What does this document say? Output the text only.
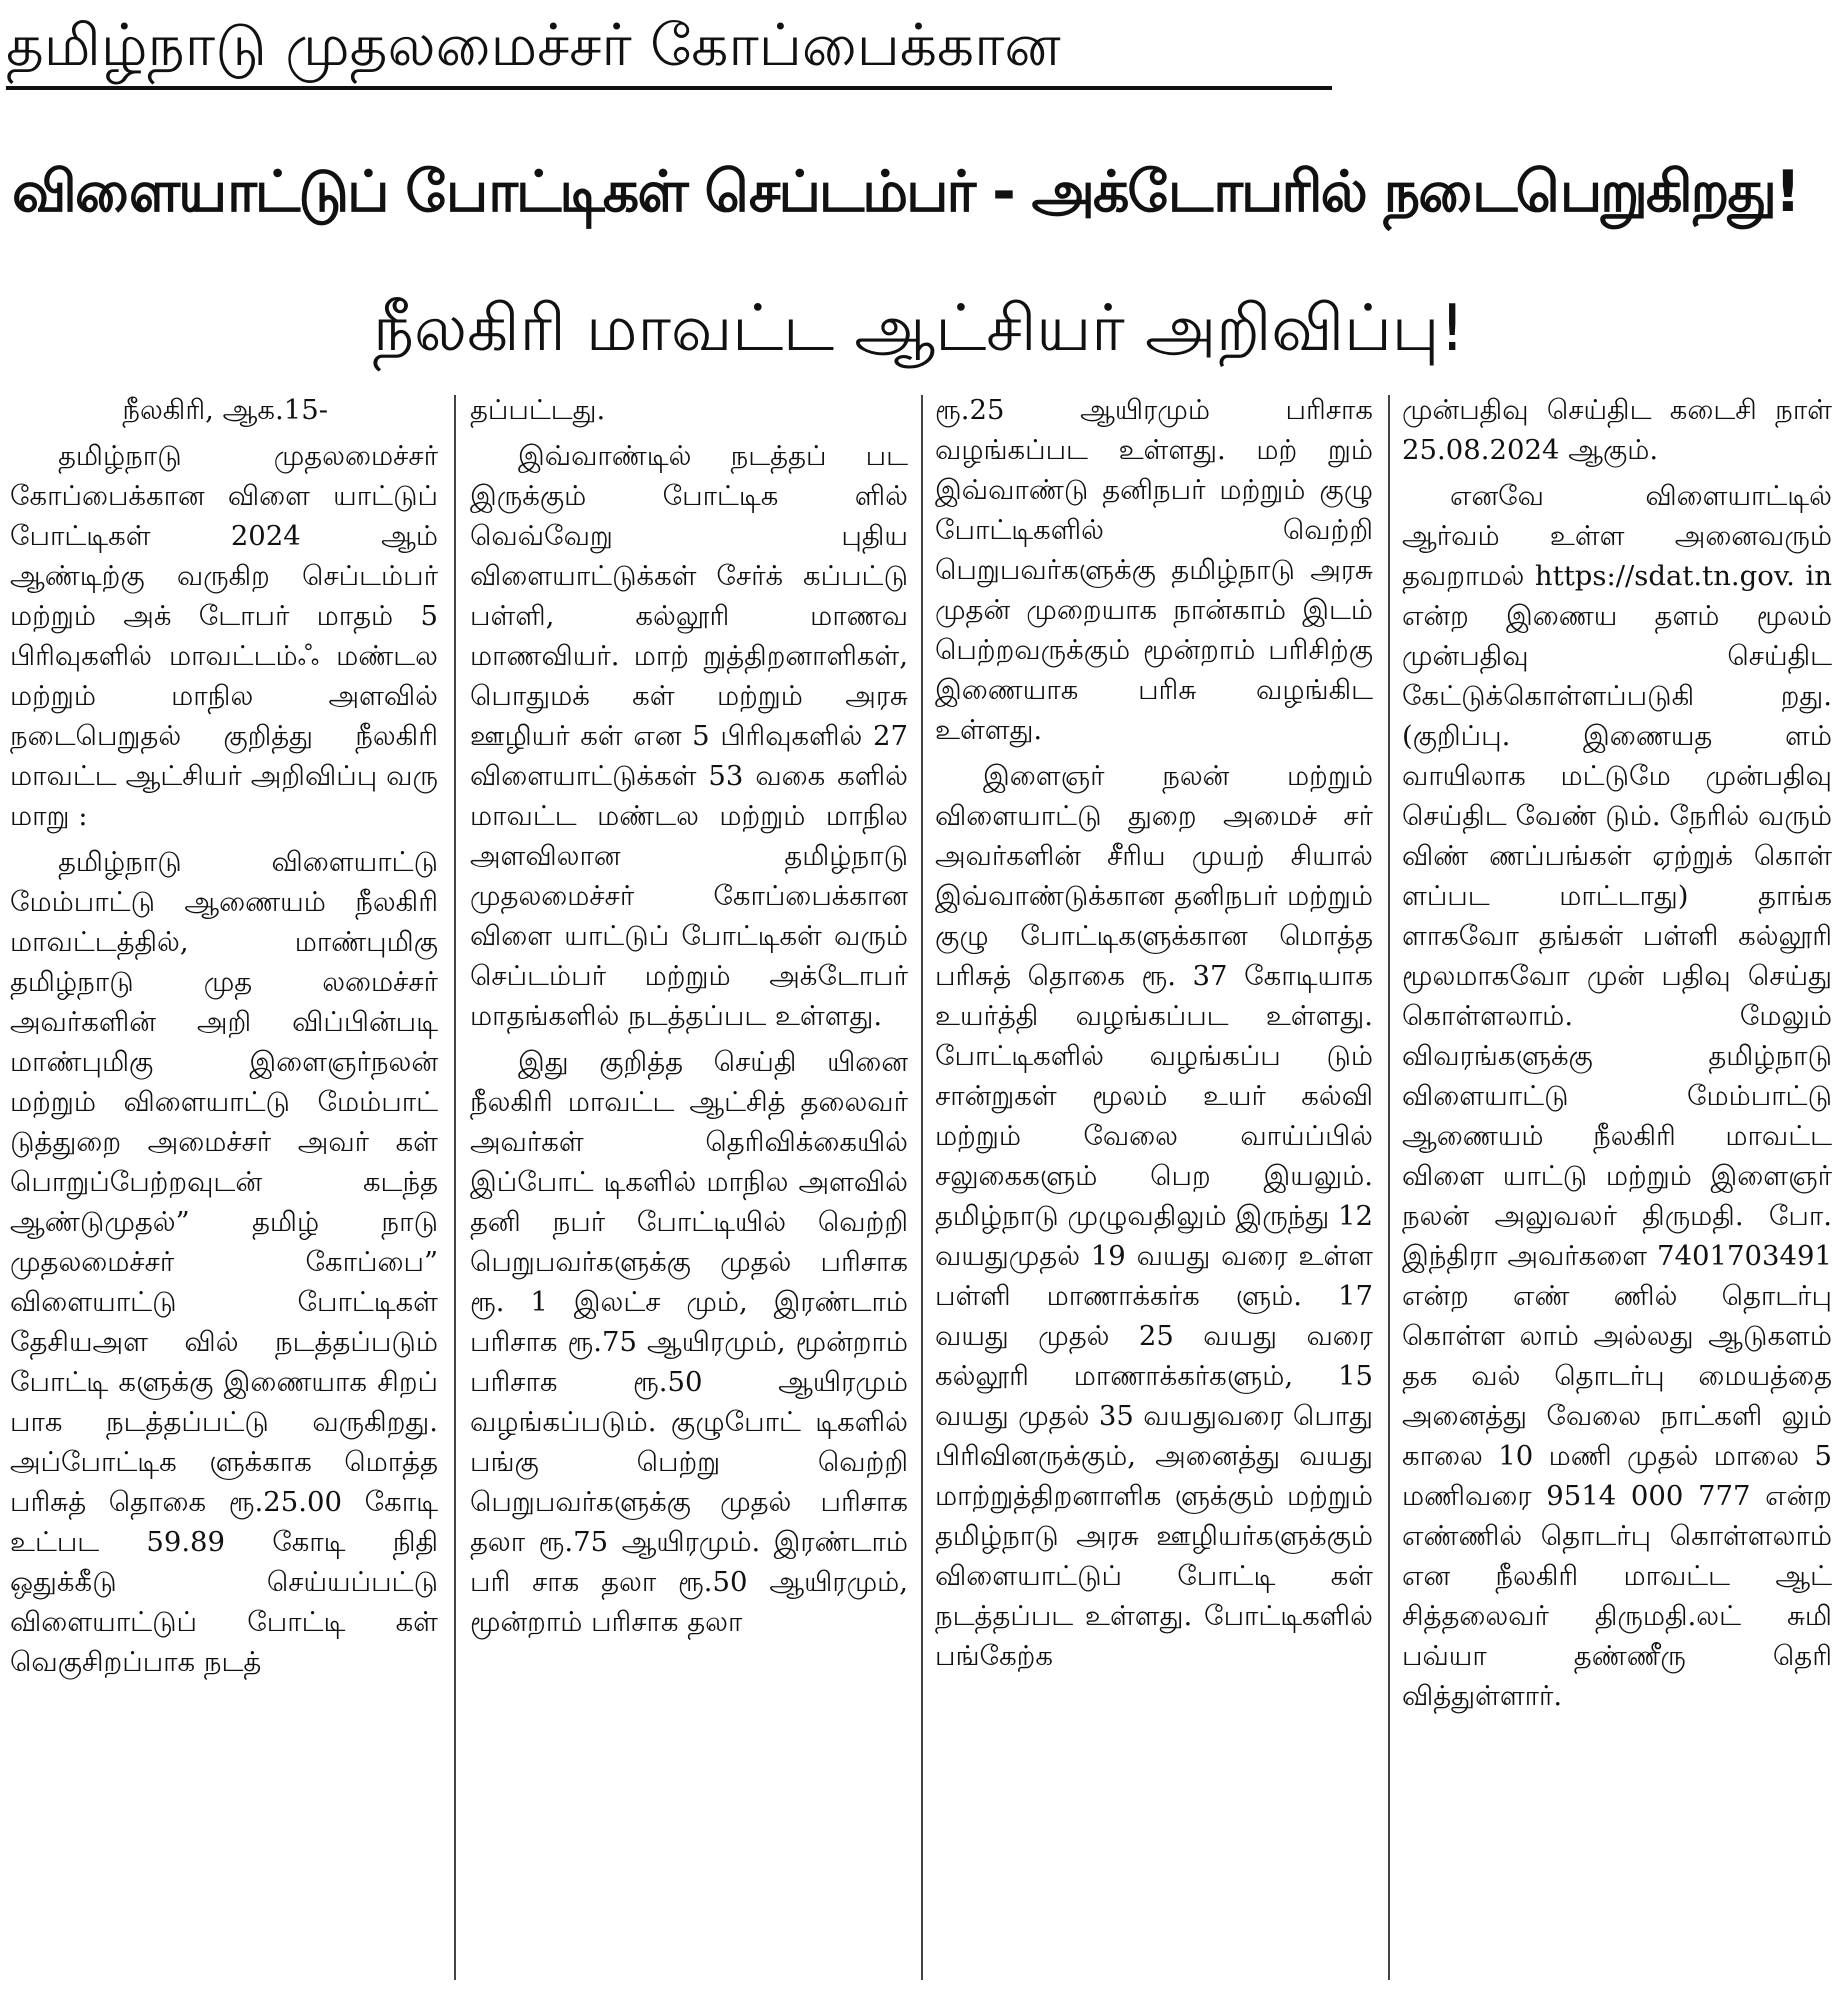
தமிழ்நாடு முதலமைச்சர் கோப்பைக்கான
விளையாட்டுப் போட்டிகள் செப்டம்பர் - அக்டோபரில் நடைபெறுகிறது!
நீலகிரி மாவட்ட ஆட்சியர் அறிவிப்பு!

நீலகிரி, ஆக.15-

தமிழ்நாடு முதலமைச்சர் கோப்பைக்கான விளை யாட்டுப் போட்டிகள் 2024 ஆம் ஆண்டிற்கு வருகிற செப்டம்பர் மற்றும் அக் டோபர் மாதம் 5 பிரிவுகளில் மாவட்டம்ஃ மண்டல மற்றும் மாநில அளவில் நடைபெறுதல் குறித்து நீலகிரி மாவட்ட ஆட்சியர் அறிவிப்பு வரு மாறு :

தமிழ்நாடு விளையாட்டு மேம்பாட்டு ஆணையம் நீலகிரி மாவட்டத்தில், மாண்புமிகு தமிழ்நாடு முத லமைச்சர் அவர்களின் அறி விப்பின்படி மாண்புமிகு இளைஞர்நலன் மற்றும் விளையாட்டு மேம்பாட் டுத்துறை அமைச்சர் அவர் கள் பொறுப்பேற்றவுடன் கடந்த ஆண்டுமுதல்” தமிழ் நாடு முதலமைச்சர் கோப்பை” விளையாட்டு போட்டிகள் தேசியஅள வில் நடத்தப்படும் போட்டி களுக்கு இணையாக சிறப் பாக நடத்தப்பட்டு வருகிறது. அப்போட்டிக ளுக்காக மொத்த பரிசுத் தொகை ரூ.25.00 கோடி உட்பட 59.89 கோடி நிதி ஒதுக்கீடு செய்யப்பட்டு விளையாட்டுப் போட்டி கள் வெகுசிறப்பாக நடத்

தப்பட்டது.

இவ்வாண்டில் நடத்தப் பட இருக்கும் போட்டிக ளில் வெவ்வேறு புதிய விளையாட்டுக்கள் சேர்க் கப்பட்டு பள்ளி, கல்லூரி மாணவ மாணவியர். மாற் றுத்திறனாளிகள், பொதுமக் கள் மற்றும் அரசு ஊழியர் கள் என 5 பிரிவுகளில் 27 விளையாட்டுக்கள் 53 வகை களில் மாவட்ட மண்டல மற்றும் மாநில அளவிலான தமிழ்நாடு முதலமைச்சர் கோப்பைக்கான விளை யாட்டுப் போட்டிகள் வரும் செப்டம்பர் மற்றும் அக்டோபர் மாதங்களில் நடத்தப்பட உள்ளது.

இது குறித்த செய்தி யினை நீலகிரி மாவட்ட ஆட்சித் தலைவர் அவர்கள் தெரிவிக்கையில் இப்போட் டிகளில் மாநில அளவில் தனி நபர் போட்டியில் வெற்றி பெறுபவர்களுக்கு முதல் பரிசாக ரூ. 1 இலட்ச மும், இரண்டாம் பரிசாக ரூ.75 ஆயிரமும், மூன்றாம் பரிசாக ரூ.50 ஆயிரமும் வழங்கப்படும். குழுபோட் டிகளில் பங்கு பெற்று வெற்றி பெறுபவர்களுக்கு முதல் பரிசாக தலா ரூ.75 ஆயிரமும். இரண்டாம் பரி சாக தலா ரூ.50 ஆயிரமும், மூன்றாம் பரிசாக தலா

ரூ.25 ஆயிரமும் பரிசாக வழங்கப்பட உள்ளது. மற் றும் இவ்வாண்டு தனிநபர் மற்றும் குழு போட்டிகளில் வெற்றி பெறுபவர்களுக்கு தமிழ்நாடு அரசு முதன் முறையாக நான்காம் இடம் பெற்றவருக்கும் மூன்றாம் பரிசிற்கு இணையாக பரிசு வழங்கிட உள்ளது.

இளைஞர் நலன் மற்றும் விளையாட்டு துறை அமைச் சர் அவர்களின் சீரிய முயற் சியால் இவ்வாண்டுக்கான தனிநபர் மற்றும் குழு போட்டிகளுக்கான மொத்த பரிசுத் தொகை ரூ. 37 கோடியாக உயர்த்தி வழங்கப்பட உள்ளது. போட்டிகளில் வழங்கப்ப டும் சான்றுகள் மூலம் உயர் கல்வி மற்றும் வேலை வாய்ப்பில் சலுகைகளும் பெற இயலும். தமிழ்நாடு முழுவதிலும் இருந்து 12 வயதுமுதல் 19 வயது வரை உள்ள பள்ளி மாணாக்கர்க ளும். 17 வயது முதல் 25 வயது வரை கல்லூரி மாணாக்கர்களும், 15 வயது முதல் 35 வயதுவரை பொது பிரிவினருக்கும், அனைத்து வயது மாற்றுத்திறனாளிக ளுக்கும் மற்றும் தமிழ்நாடு அரசு ஊழியர்களுக்கும் விளையாட்டுப் போட்டி கள் நடத்தப்பட உள்ளது. போட்டிகளில் பங்கேற்க

முன்பதிவு செய்திட கடைசி நாள் 25.08.2024 ஆகும்.

எனவே விளையாட்டில் ஆர்வம் உள்ள அனைவரும் தவறாமல் https://sdat.tn.gov. in என்ற இணைய தளம் மூலம் முன்பதிவு செய்திட கேட்டுக்கொள்ளப்படுகி றது.(குறிப்பு. இணையத ளம் வாயிலாக மட்டுமே முன்பதிவு செய்திட வேண் டும். நேரில் வரும் விண் ணப்பங்கள் ஏற்றுக் கொள் ளப்பட மாட்டாது) தாங்க ளாகவோ தங்கள் பள்ளி கல்லூரி மூலமாகவோ முன் பதிவு செய்து கொள்ளலாம். மேலும் விவரங்களுக்கு தமிழ்நாடு விளையாட்டு மேம்பாட்டு ஆணையம் நீலகிரி மாவட்ட விளை யாட்டு மற்றும் இளைஞர் நலன் அலுவலர் திருமதி. போ. இந்திரா அவர்களை 7401703491 என்ற எண் ணில் தொடர்பு கொள்ள லாம் அல்லது ஆடுகளம் தக வல் தொடர்பு மையத்தை அனைத்து வேலை நாட்களி லும் காலை 10 மணி முதல் மாலை 5 மணிவரை 9514 000 777 என்ற எண்ணில் தொடர்பு கொள்ளலாம் என நீலகிரி மாவட்ட ஆட் சித்தலைவர் திருமதி.லட் சுமி பவ்யா தண்ணீரு தெரி வித்துள்ளார்.
